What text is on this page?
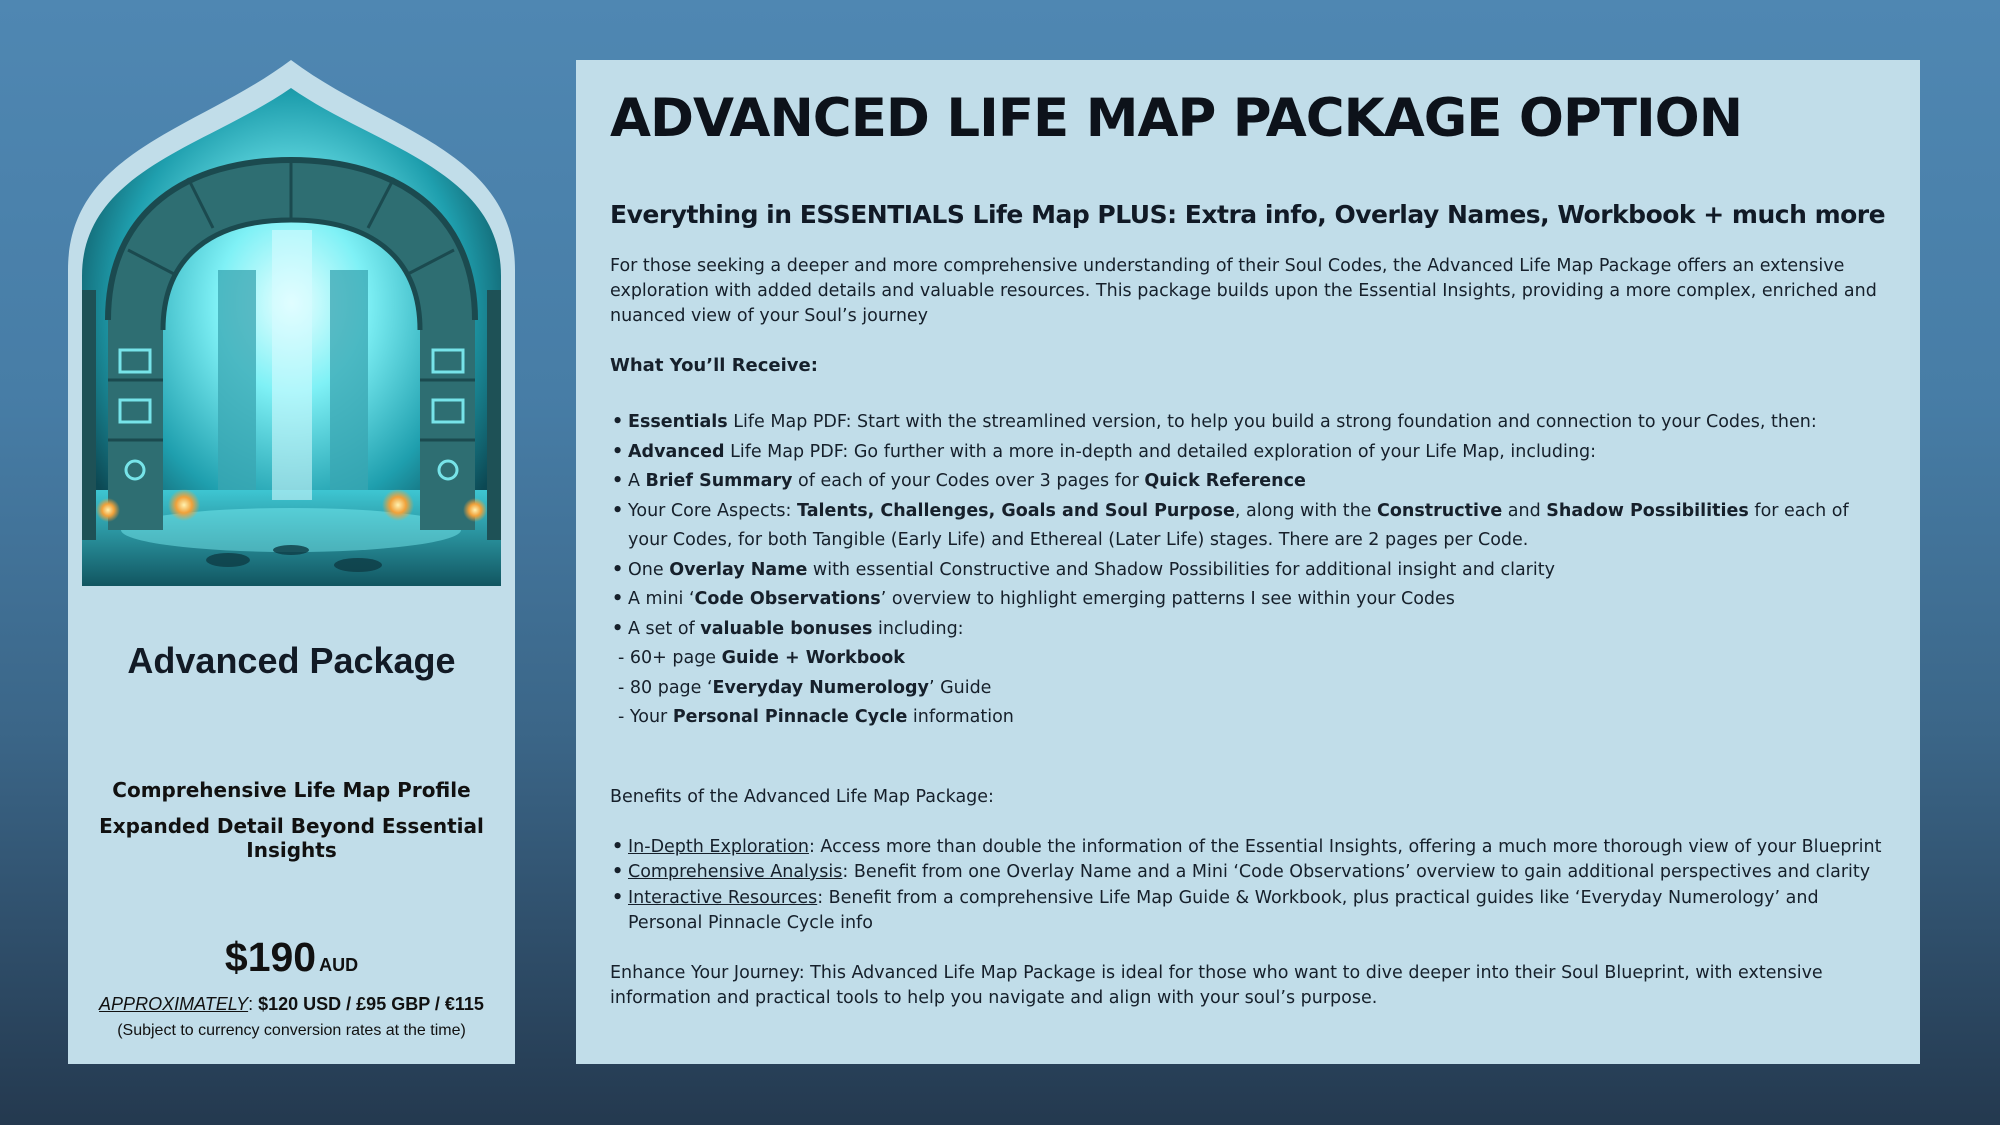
Advanced Package
Comprehensive Life Map Profile
Expanded Detail Beyond Essential Insights
$190 AUD
APPROXIMATELY: $120 USD / £95 GBP / €115
(Subject to currency conversion rates at the time)
ADVANCED LIFE MAP PACKAGE OPTION
Everything in ESSENTIALS Life Map PLUS: Extra info, Overlay Names, Workbook + much more
For those seeking a deeper and more comprehensive understanding of their Soul Codes, the Advanced Life Map Package offers an extensive exploration with added details and valuable resources. This package builds upon the Essential Insights, providing a more complex, enriched and nuanced view of your Soul’s journey
What You’ll Receive:
• Essentials Life Map PDF: Start with the streamlined version, to help you build a strong foundation and connection to your Codes, then:
• Advanced Life Map PDF: Go further with a more in-depth and detailed exploration of your Life Map, including:
• A Brief Summary of each of your Codes over 3 pages for Quick Reference
• Your Core Aspects: Talents, Challenges, Goals and Soul Purpose, along with the Constructive and Shadow Possibilities for each of your Codes, for both Tangible (Early Life) and Ethereal (Later Life) stages. There are 2 pages per Code.
• One Overlay Name with essential Constructive and Shadow Possibilities for additional insight and clarity
• A mini ‘Code Observations’ overview to highlight emerging patterns I see within your Codes
• A set of valuable bonuses including:
- 60+ page Guide + Workbook
- 80 page ‘Everyday Numerology’ Guide
- Your Personal Pinnacle Cycle information
Benefits of the Advanced Life Map Package:
• In-Depth Exploration: Access more than double the information of the Essential Insights, offering a much more thorough view of your Blueprint
• Comprehensive Analysis: Benefit from one Overlay Name and a Mini ‘Code Observations’ overview to gain additional perspectives and clarity
• Interactive Resources: Benefit from a comprehensive Life Map Guide & Workbook, plus practical guides like ‘Everyday Numerology’ and Personal Pinnacle Cycle info
Enhance Your Journey: This Advanced Life Map Package is ideal for those who want to dive deeper into their Soul Blueprint, with extensive information and practical tools to help you navigate and align with your soul’s purpose.
